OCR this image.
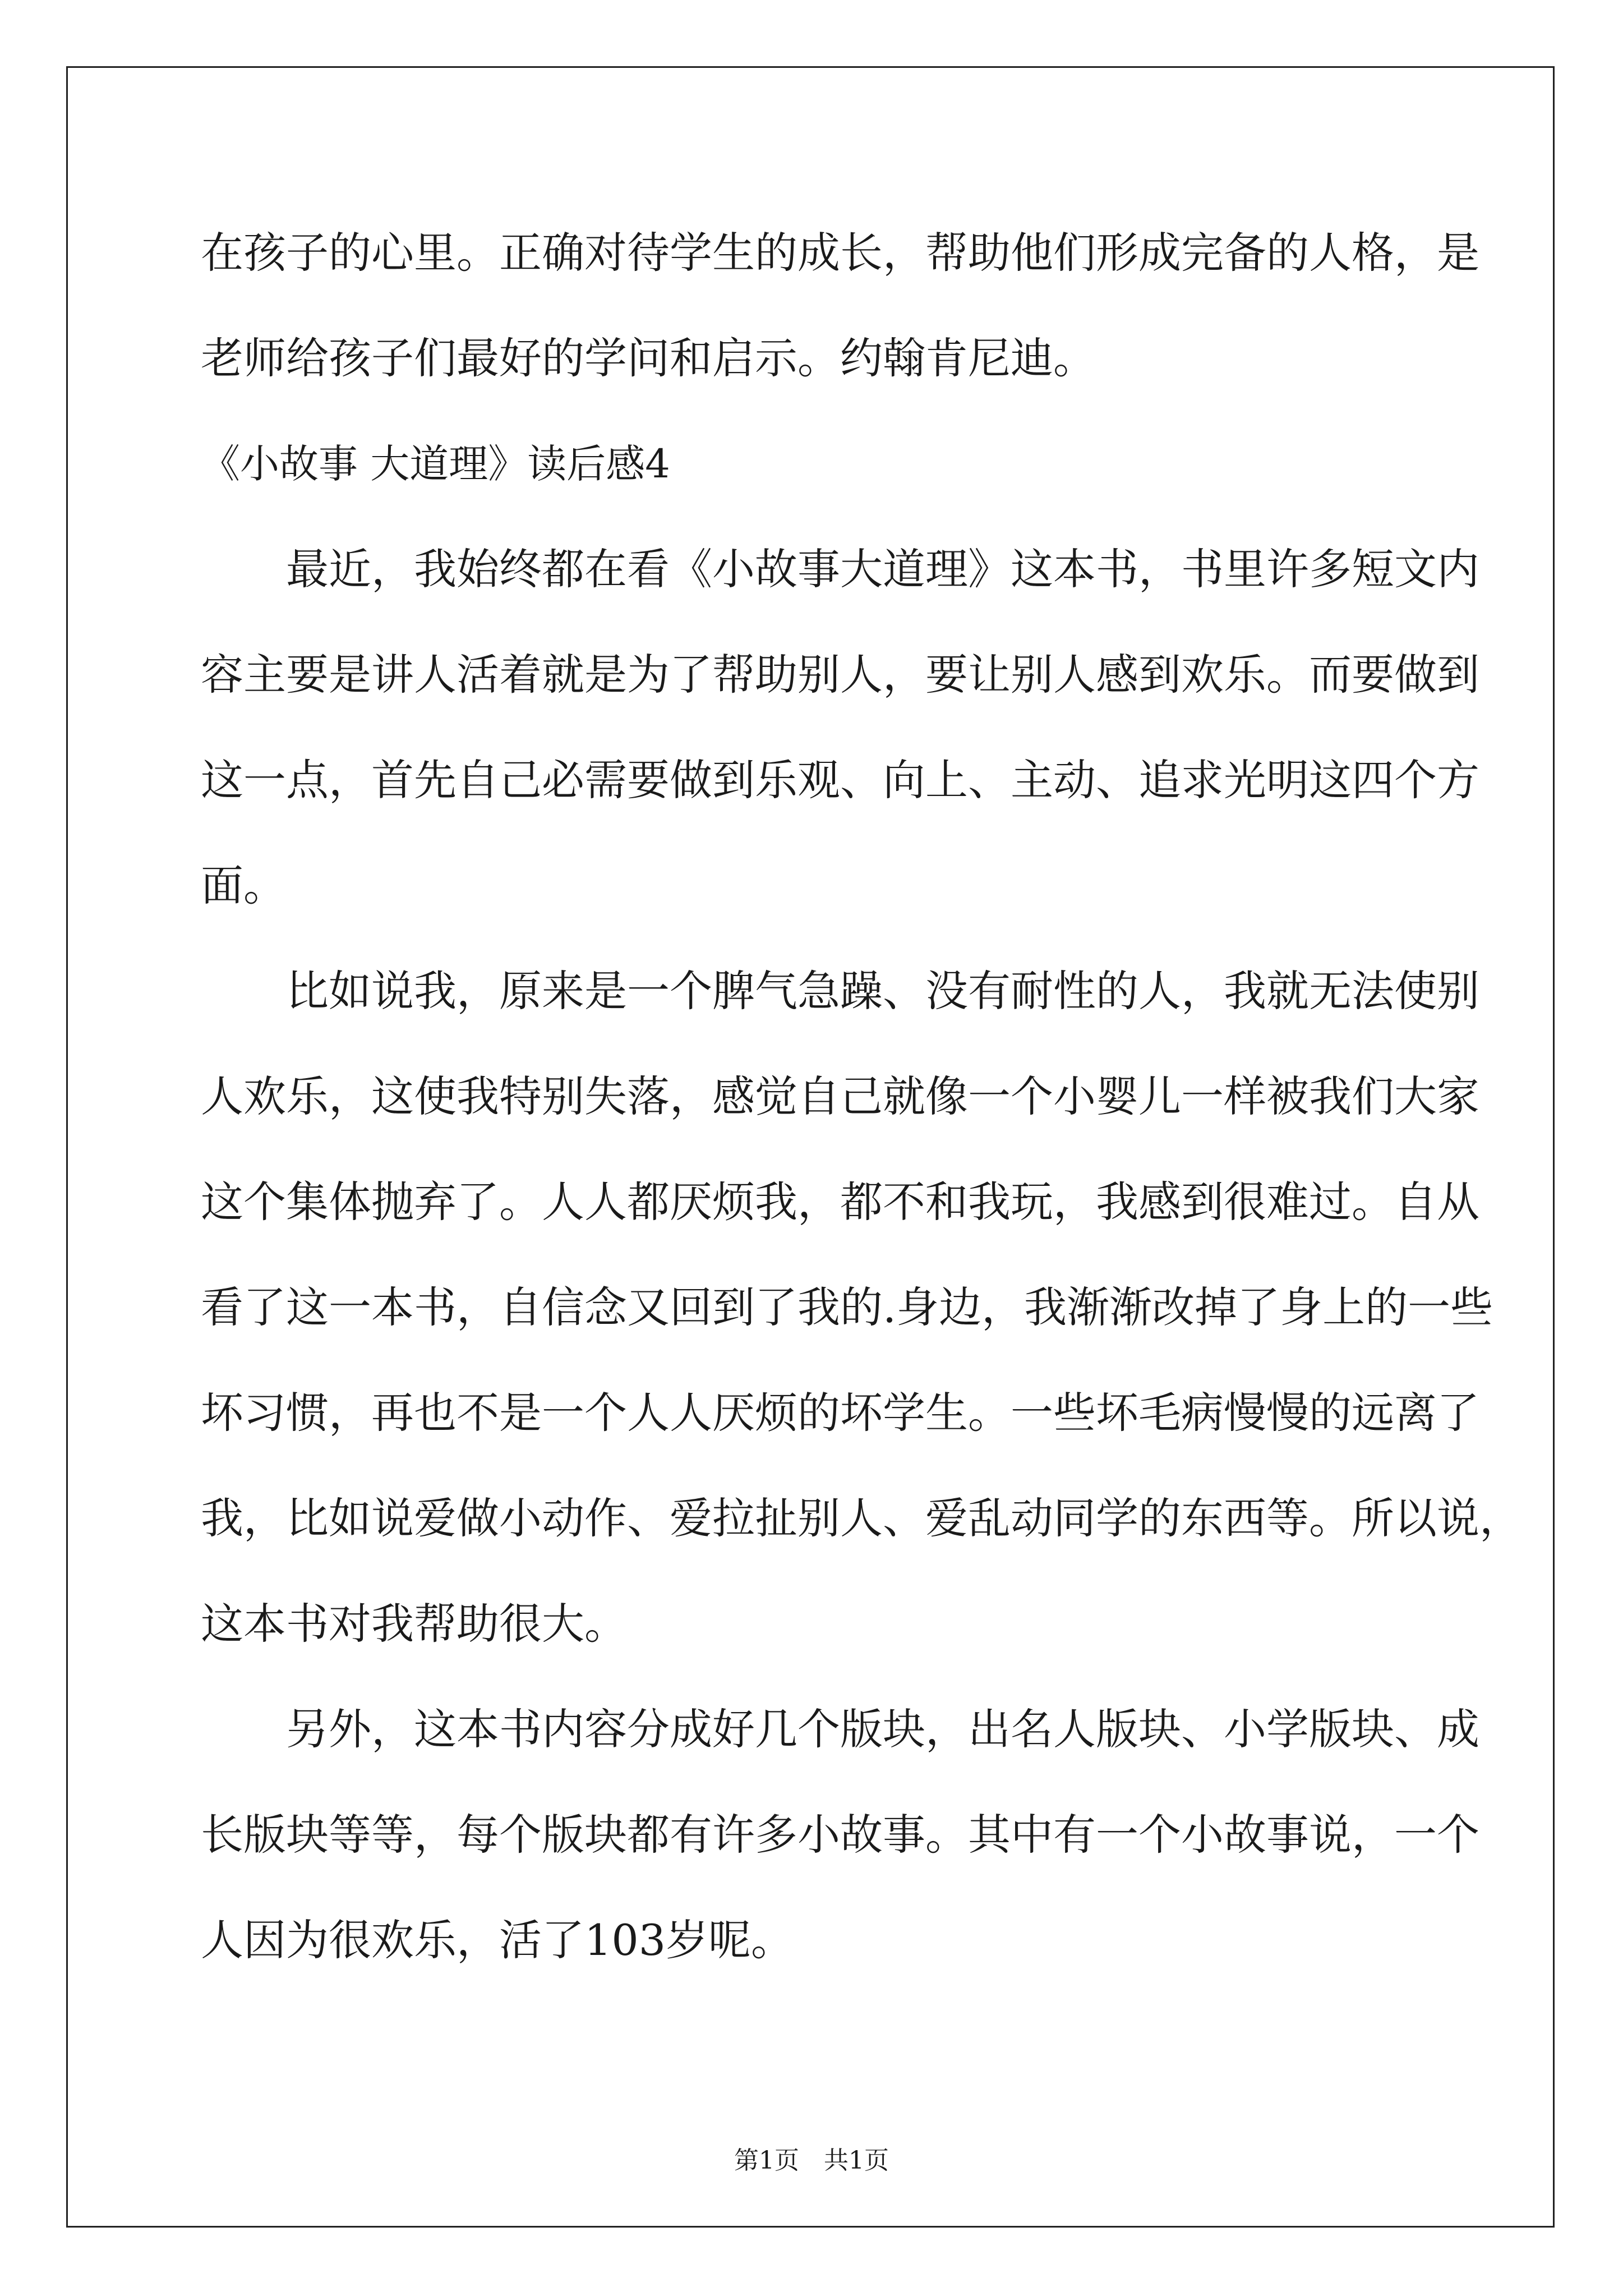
在孩子的心里。正确对待学生的成长，帮助他们形成完备的人格，是
老师给孩子们最好的学问和启示。约翰肯尼迪。
《小故事 大道理》读后感4
最近，我始终都在看《小故事大道理》这本书，书里许多短文内
容主要是讲人活着就是为了帮助别人，要让别人感到欢乐。而要做到
这一点，首先自己必需要做到乐观、向上、主动、追求光明这四个方
面。
比如说我，原来是一个脾气急躁、没有耐性的人，我就无法使别
人欢乐，这使我特别失落，感觉自己就像一个小婴儿一样被我们大家
这个集体抛弃了。人人都厌烦我，都不和我玩，我感到很难过。自从
看了这一本书，自信念又回到了我的.身边，我渐渐改掉了身上的一些
坏习惯，再也不是一个人人厌烦的坏学生。一些坏毛病慢慢的远离了
我，比如说爱做小动作、爱拉扯别人、爱乱动同学的东西等。所以说，
这本书对我帮助很大。
另外，这本书内容分成好几个版块，出名人版块、小学版块、成
长版块等等，每个版块都有许多小故事。其中有一个小故事说，一个
人因为很欢乐，活了103岁呢。
第1页　共1页
